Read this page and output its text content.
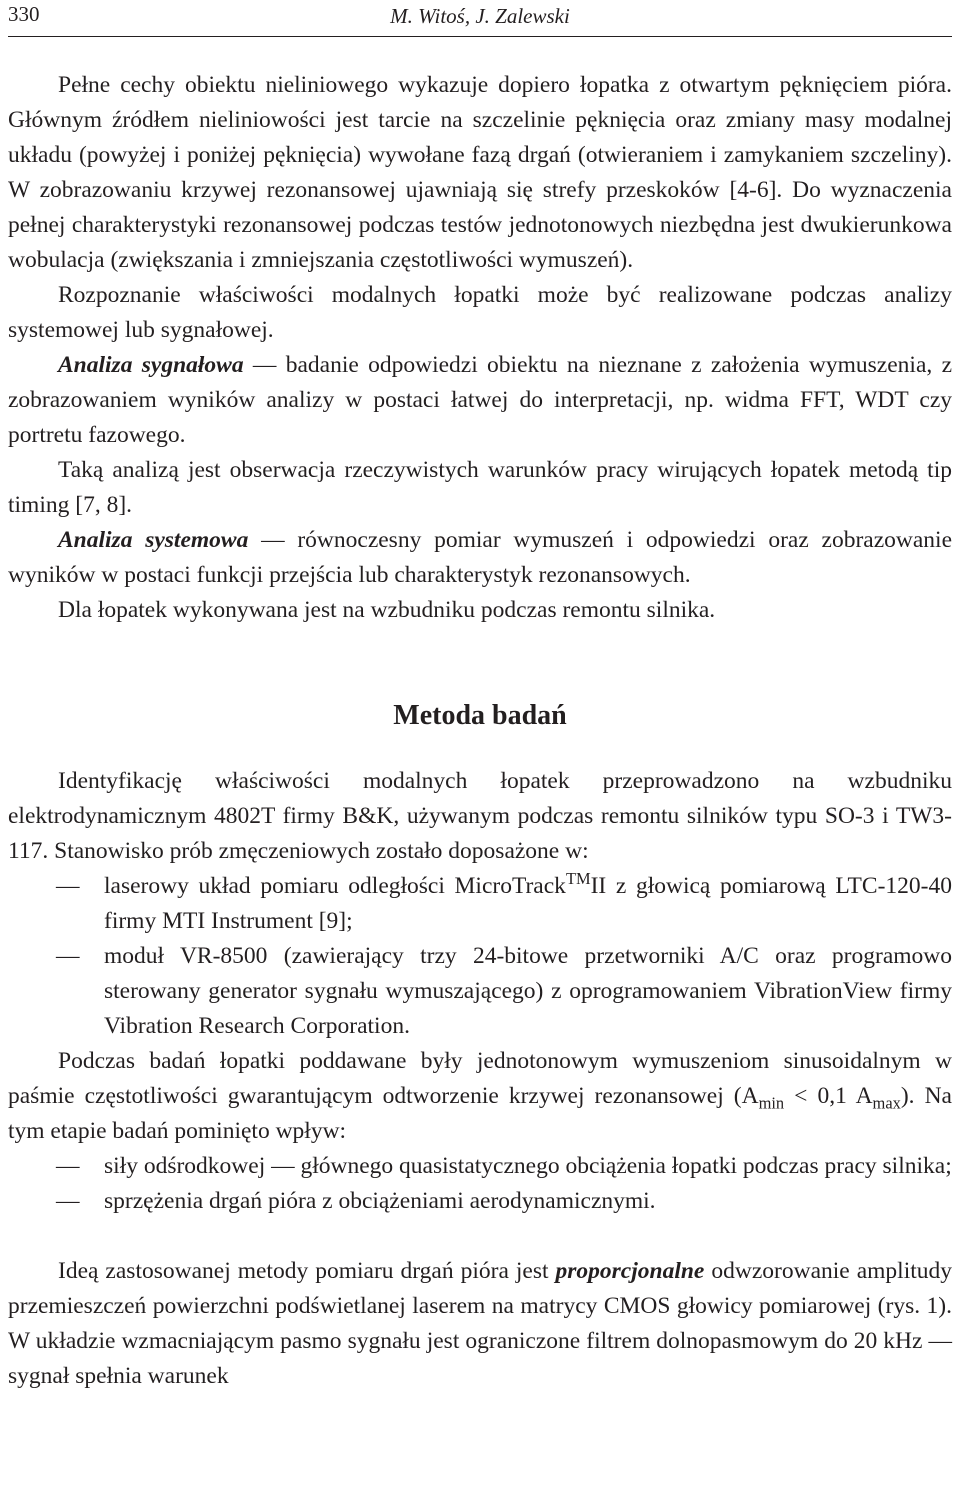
330	M. Witoś, J. Zalewski

Pełne cechy obiektu nieliniowego wykazuje dopiero łopatka z otwartym pęknięciem pióra. Głównym źródłem nieliniowości jest tarcie na szczelinie pęknięcia oraz zmiany masy modalnej układu (powyżej i poniżej pęknięcia) wywołane fazą drgań (otwieraniem i zamykaniem szczeliny). W zobrazowaniu krzywej rezonansowej ujawniają się strefy przeskoków [4-6]. Do wyznaczenia pełnej charakterystyki rezonansowej podczas testów jednotonowych niezbędna jest dwukierunkowa wobulacja (zwiększania i zmniejszania częstotliwości wymuszeń).

Rozpoznanie właściwości modalnych łopatki może być realizowane podczas analizy systemowej lub sygnałowej.

Analiza sygnałowa — badanie odpowiedzi obiektu na nieznane z założenia wymuszenia, z zobrazowaniem wyników analizy w postaci łatwej do interpretacji, np. widma FFT, WDT czy portretu fazowego.

Taką analizą jest obserwacja rzeczywistych warunków pracy wirujących łopatek metodą tip timing [7, 8].

Analiza systemowa — równoczesny pomiar wymuszeń i odpowiedzi oraz zobrazowanie wyników w postaci funkcji przejścia lub charakterystyk rezonansowych.

Dla łopatek wykonywana jest na wzbudniku podczas remontu silnika.

Metoda badań

Identyfikację właściwości modalnych łopatek przeprowadzono na wzbudniku elektrodynamicznym 4802T firmy B&K, używanym podczas remontu silników typu SO-3 i TW3-117. Stanowisko prób zmęczeniowych zostało doposażone w:

— laserowy układ pomiaru odległości MicroTrack™II z głowicą pomiarową LTC-120-40 firmy MTI Instrument [9];
— moduł VR-8500 (zawierający trzy 24-bitowe przetworniki A/C oraz programowo sterowany generator sygnału wymuszającego) z oprogramowaniem VibrationView firmy Vibration Research Corporation.

Podczas badań łopatki poddawane były jednotonowym wymuszeniom sinusoidalnym w paśmie częstotliwości gwarantującym odtworzenie krzywej rezonansowej ($A_{min} < 0,1$ $A_{max}$). Na tym etapie badań pominięto wpływ:

— siły odśrodkowej — głównego quasistatycznego obciążenia łopatki podczas pracy silnika;
— sprzężenia drgań pióra z obciążeniami aerodynamicznymi.

Ideą zastosowanej metody pomiaru drgań pióra jest proporcjonalne odwzorowanie amplitudy przemieszczeń powierzchni podświetlanej laserem na matrycy CMOS głowicy pomiarowej (rys. 1). W układzie wzmacniającym pasmo sygnału jest ograniczone filtrem dolnopasmowym do 20 kHz — sygnał spełnia warunek
